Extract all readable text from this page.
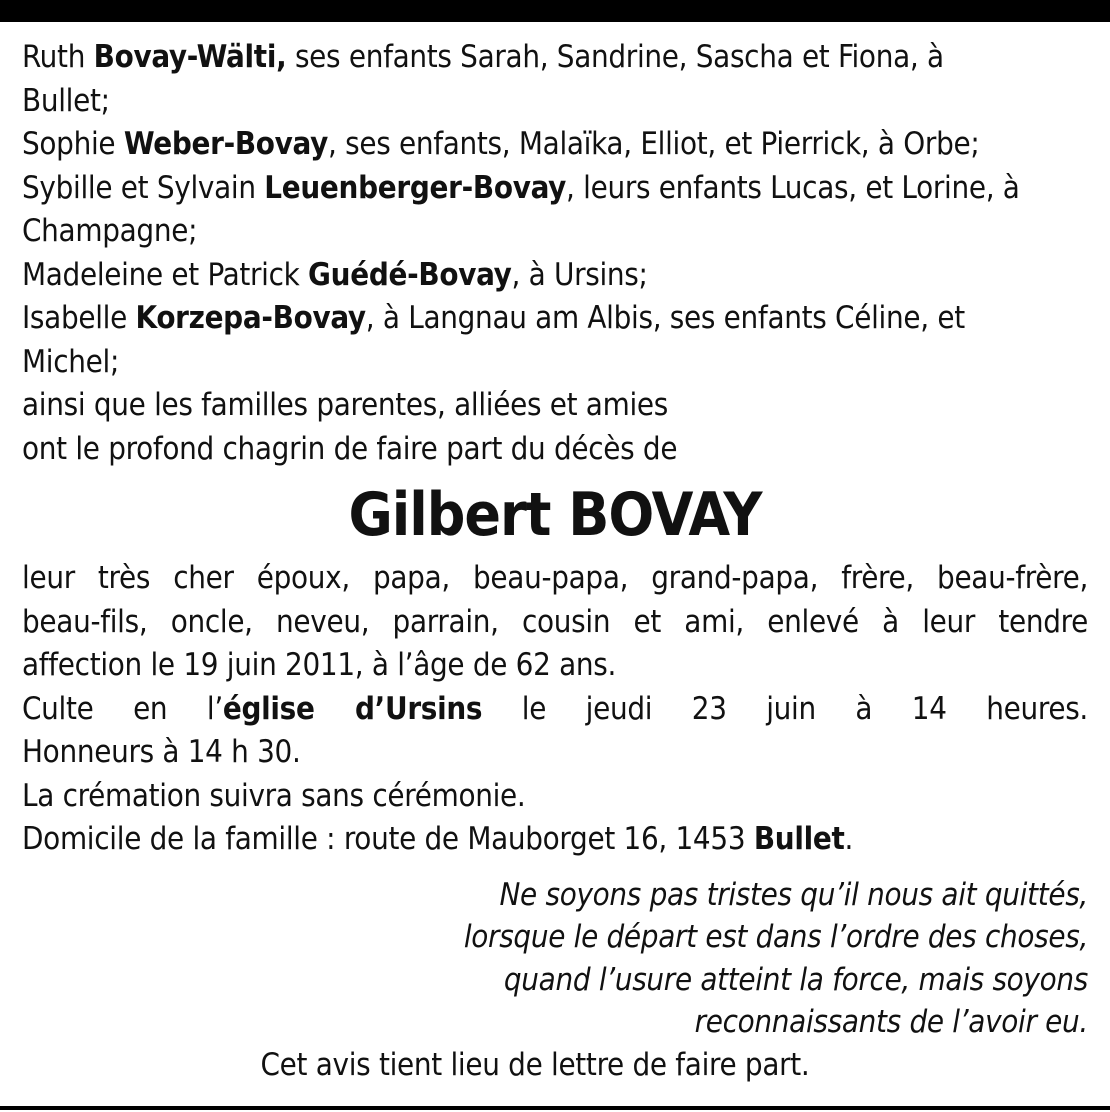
Ruth Bovay-Wälti, ses enfants Sarah, Sandrine, Sascha et Fiona, à
Bullet;
Sophie Weber-Bovay, ses enfants, Malaïka, Elliot, et Pierrick, à Orbe;
Sybille et Sylvain Leuenberger-Bovay, leurs enfants Lucas, et Lorine, à
Champagne;
Madeleine et Patrick Guédé-Bovay, à Ursins;
Isabelle Korzepa-Bovay, à Langnau am Albis, ses enfants Céline, et
Michel;
ainsi que les familles parentes, alliées et amies
ont le profond chagrin de faire part du décès de
Gilbert BOVAY
leur très cher époux, papa, beau-papa, grand-papa, frère, beau-frère,
beau-fils, oncle, neveu, parrain, cousin et ami, enlevé à leur tendre
affection le 19 juin 2011, à l’âge de 62 ans.
Culte en l’église d’Ursins le jeudi 23 juin à 14 heures.
Honneurs à 14 h 30.
La crémation suivra sans cérémonie.
Domicile de la famille : route de Mauborget 16, 1453 Bullet.
Ne soyons pas tristes qu’il nous ait quittés,
lorsque le départ est dans l’ordre des choses,
quand l’usure atteint la force, mais soyons
reconnaissants de l’avoir eu.
Cet avis tient lieu de lettre de faire part.
